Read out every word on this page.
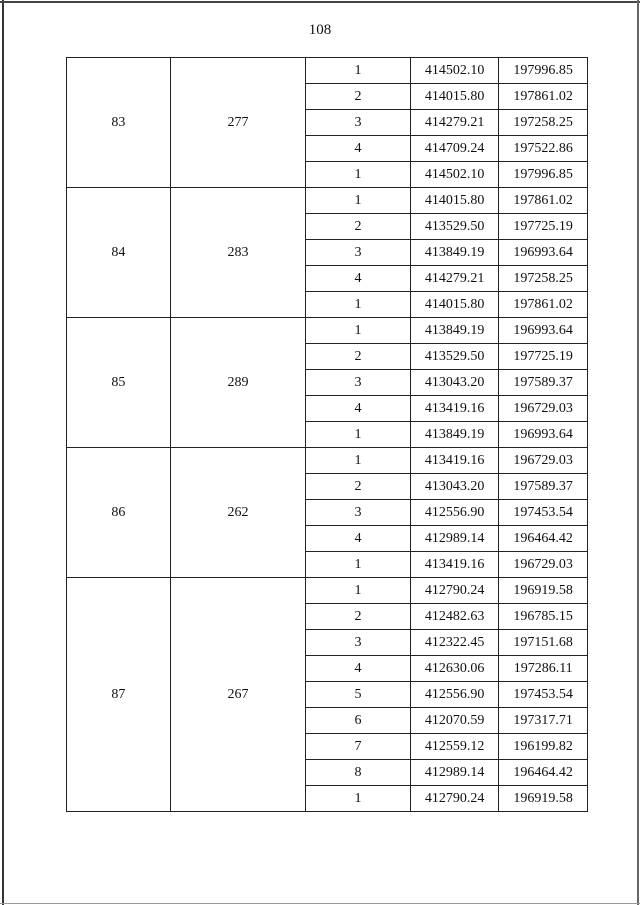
108
83	277	1	414502.10	197996.85
		2	414015.80	197861.02
		3	414279.21	197258.25
		4	414709.24	197522.86
		1	414502.10	197996.85
84	283	1	414015.80	197861.02
		2	413529.50	197725.19
		3	413849.19	196993.64
		4	414279.21	197258.25
		1	414015.80	197861.02
85	289	1	413849.19	196993.64
		2	413529.50	197725.19
		3	413043.20	197589.37
		4	413419.16	196729.03
		1	413849.19	196993.64
86	262	1	413419.16	196729.03
		2	413043.20	197589.37
		3	412556.90	197453.54
		4	412989.14	196464.42
		1	413419.16	196729.03
87	267	1	412790.24	196919.58
		2	412482.63	196785.15
		3	412322.45	197151.68
		4	412630.06	197286.11
		5	412556.90	197453.54
		6	412070.59	197317.71
		7	412559.12	196199.82
		8	412989.14	196464.42
		1	412790.24	196919.58
